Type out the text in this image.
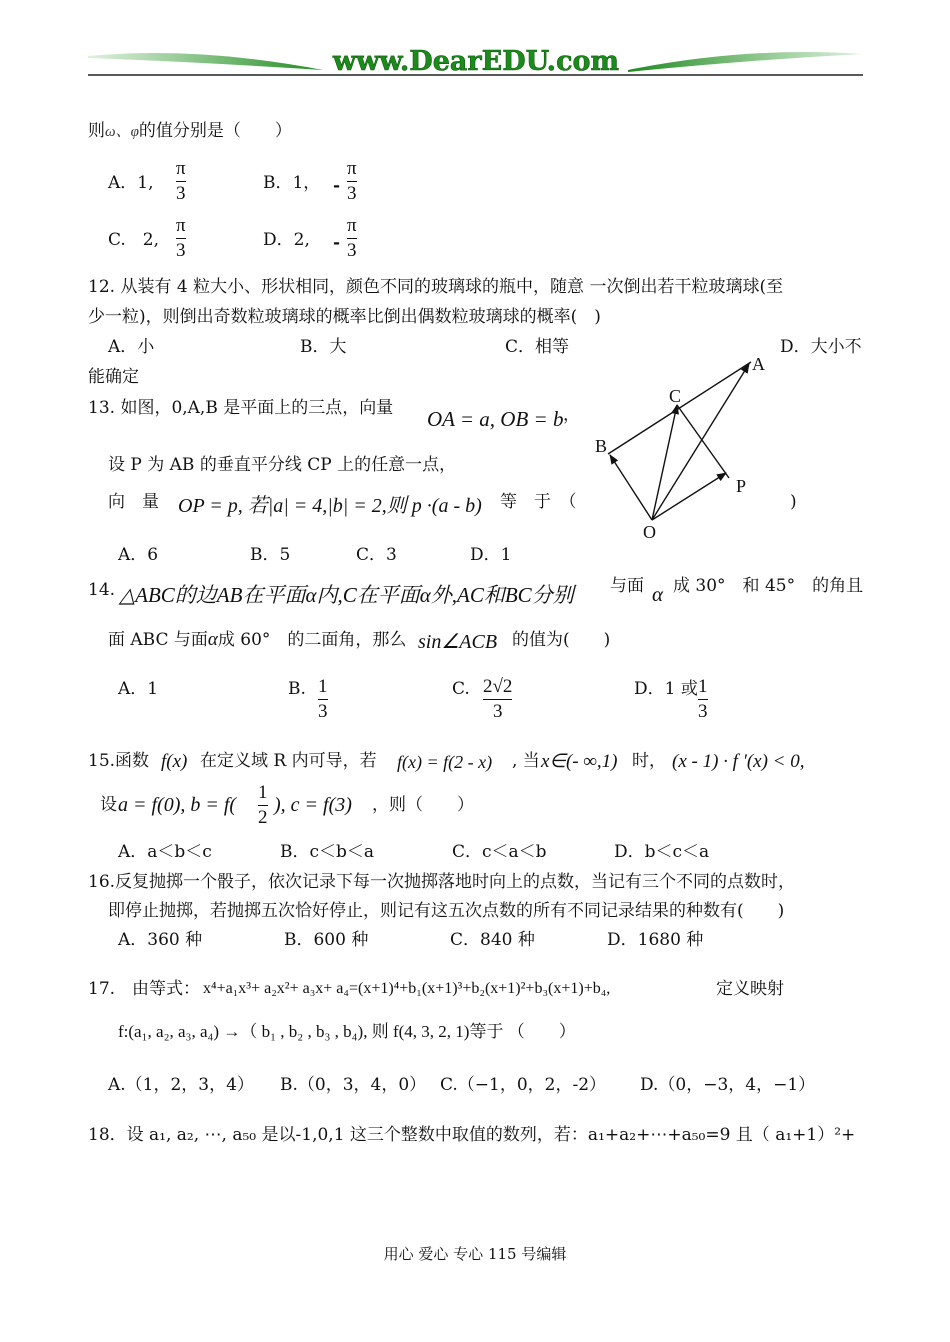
www.DearEDU.com
则ω、φ的值分别是（　　）
A．1,
π
3	B．1， -
π
3
C.　2,
π
3	D．2, -
π
3
12. 从装有 4 粒大小、形状相同，颜色不同的玻璃球的瓶中，随意 一次倒出若干粒玻璃球(至
少一粒)，则倒出奇数粒玻璃球的概率比倒出偶数粒玻璃球的概率(　)
A．小	B．大	C．相等	D．大小不
能确定
13. 如图，0,A,B 是平面上的三点，向量 OA = a, OB = b ，
设 P 为 AB 的垂直平分线 CP 上的任意一点，
向　量 OP = p, 若|a| = 4,|b| = 2,则 p ·(a - b) 等　于　（	)
A．6	B．5	C．3	D．1
A
B
C
O
P
14. △ABC的边AB在平面α内,C在平面α外,AC和BC分别 与面 α 成 30°　和 45°　的角且
面 ABC 与面α成 60°　的二面角，那么 sin∠ACB 的值为(　　)
A．1	B. 1
3
C. 2√2
3
D．1 或 1
3
15.函数 f(x) 在定义域 R 内可导，若 f(x) = f(2 - x) , 当 x∈(- ∞,1) 时， (x - 1) · f ′(x) < 0,
设 a = f(0), b = f(
1
2
), c = f(3) ，则（　　）
A．a＜b＜c	B．c＜b＜a	C．c＜a＜b	D．b＜c＜a
16.反复抛掷一个骰子，依次记录下每一次抛掷落地时向上的点数，当记有三个不同的点数时，
即停止抛掷，若抛掷五次恰好停止，则记有这五次点数的所有不同记录结果的种数有(　　)
A．360 种	B．600 种	C．840 种	D．1680 种
17.　由等式： x⁴+a₁x³+ a₂x²+ a₃x+ a₄=(x+1)⁴+b₁(x+1)³+b₂(x+1)²+b₃(x+1)+b₄,	定义映射
f:(a₁, a₂, a₃, a₄) →（ b₁ , b₂ , b₃ , b₄), 则 f(4, 3, 2, 1)等于 （　　）
A.（1，2，3，4） B.（0，3，4，0） C.（−1，0，2，-2） D.（0，−3，4，−1）
18．设 a₁, a₂, ⋯, a₅₀ 是以-1,0,1 这三个整数中取值的数列，若：a₁+a₂+⋯+a₅₀=9 且（ a₁+1）²+
用心 爱心 专心 115 号编辑
